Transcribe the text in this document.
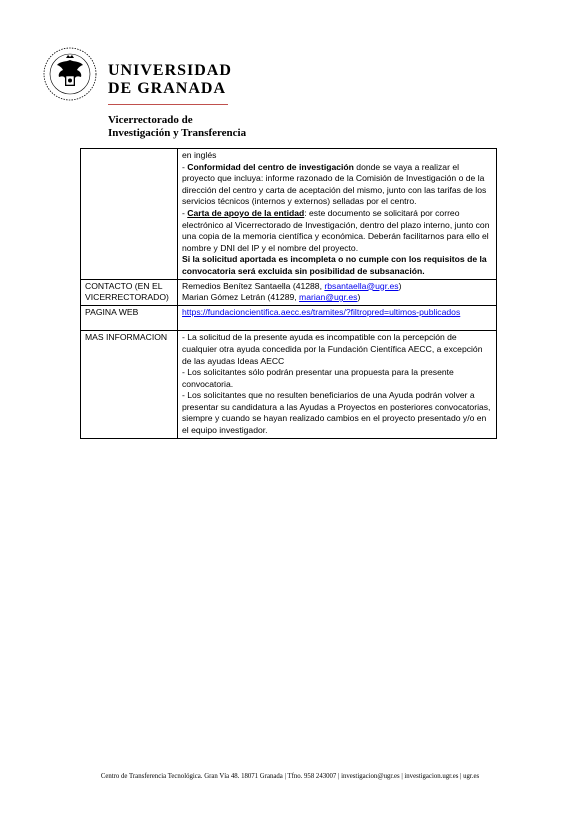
UNIVERSIDAD
DE GRANADA
Vicerrectorado de
Investigación y Transferencia

	en inglés
- Conformidad del centro de investigación donde se vaya a realizar el proyecto que incluya: informe razonado de la Comisión de Investigación o de la dirección del centro y carta de aceptación del mismo, junto con las tarifas de los servicios técnicos (internos y externos) selladas por el centro.
- Carta de apoyo de la entidad: este documento se solicitará por correo electrónico al Vicerrectorado de Investigación, dentro del plazo interno, junto con una copia de la memoria científica y económica. Deberán facilitarnos para ello el nombre y DNI del IP y el nombre del proyecto.
Si la solicitud aportada es incompleta o no cumple con los requisitos de la convocatoria será excluida sin posibilidad de subsanación.

CONTACTO (EN EL VICERRECTORADO)	Remedios Benítez Santaella (41288, rbsantaella@ugr.es)
Marian Gómez Letrán (41289, marian@ugr.es)

PAGINA WEB	https://fundacioncientifica.aecc.es/tramites/?filtropred=ultimos-publicados
MAS INFORMACION	- La solicitud de la presente ayuda es incompatible con la percepción de cualquier otra ayuda concedida por la Fundación Científica AECC, a excepción de las ayudas Ideas AECC
- Los solicitantes sólo podrán presentar una propuesta para la presente convocatoria.
- Los solicitantes que no resulten beneficiarios de una Ayuda podrán volver a presentar su candidatura a las Ayudas a Proyectos en posteriores convocatorias, siempre y cuando se hayan realizado cambios en el proyecto presentado y/o en el equipo investigador.
Centro de Transferencia Tecnológica. Gran Vía 48. 18071 Granada | Tfno. 958 243007 | investigacion@ugr.es | investigacion.ugr.es | ugr.es
